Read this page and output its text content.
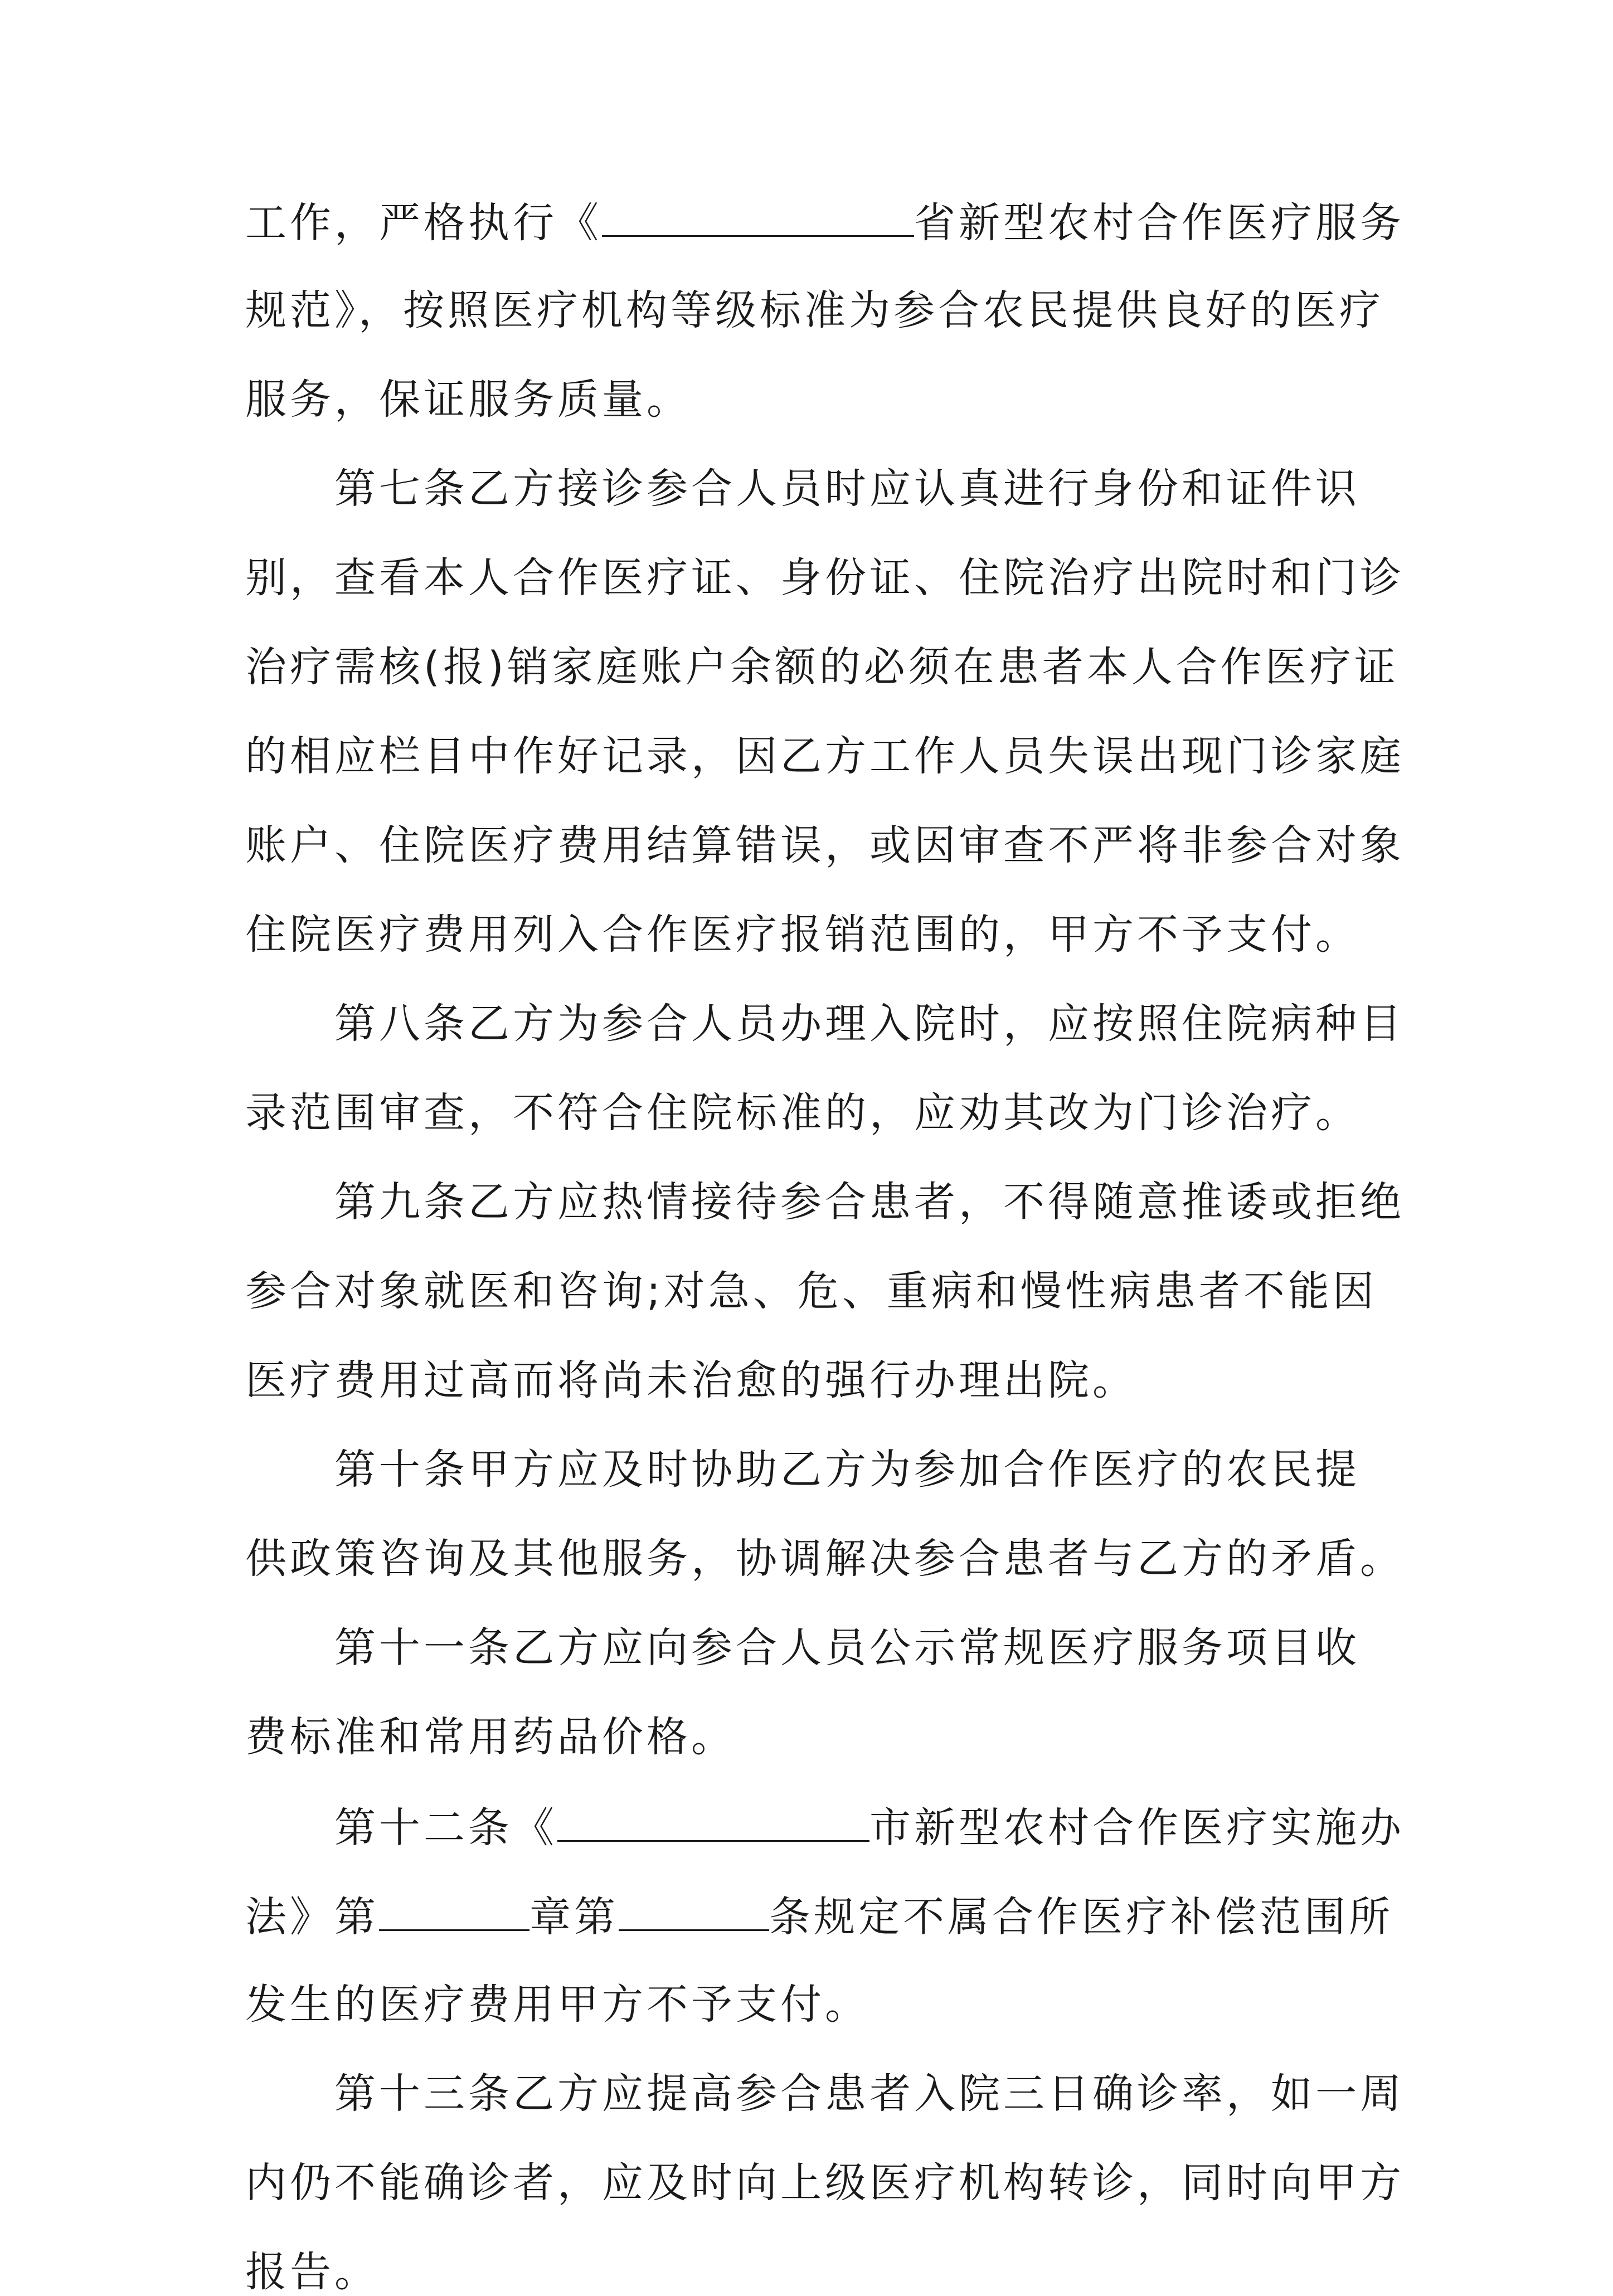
工作，严格执行《	省新型农村合作医疗服务
规范》，按照医疗机构等级标准为参合农民提供良好的医疗
服务，保证服务质量。
第七条乙方接诊参合人员时应认真进行身份和证件识
别，查看本人合作医疗证、身份证、住院治疗出院时和门诊
治疗需核(报)销家庭账户余额的必须在患者本人合作医疗证
的相应栏目中作好记录，因乙方工作人员失误出现门诊家庭
账户、住院医疗费用结算错误，或因审查不严将非参合对象
住院医疗费用列入合作医疗报销范围的，甲方不予支付。
第八条乙方为参合人员办理入院时，应按照住院病种目
录范围审查，不符合住院标准的，应劝其改为门诊治疗。
第九条乙方应热情接待参合患者，不得随意推诿或拒绝
参合对象就医和咨询;对急、危、重病和慢性病患者不能因
医疗费用过高而将尚未治愈的强行办理出院。
第十条甲方应及时协助乙方为参加合作医疗的农民提
供政策咨询及其他服务，协调解决参合患者与乙方的矛盾。
第十一条乙方应向参合人员公示常规医疗服务项目收
费标准和常用药品价格。
第十二条《	市新型农村合作医疗实施办
法》第	章第	条规定不属合作医疗补偿范围所
发生的医疗费用甲方不予支付。
第十三条乙方应提高参合患者入院三日确诊率，如一周
内仍不能确诊者，应及时向上级医疗机构转诊，同时向甲方
报告。
